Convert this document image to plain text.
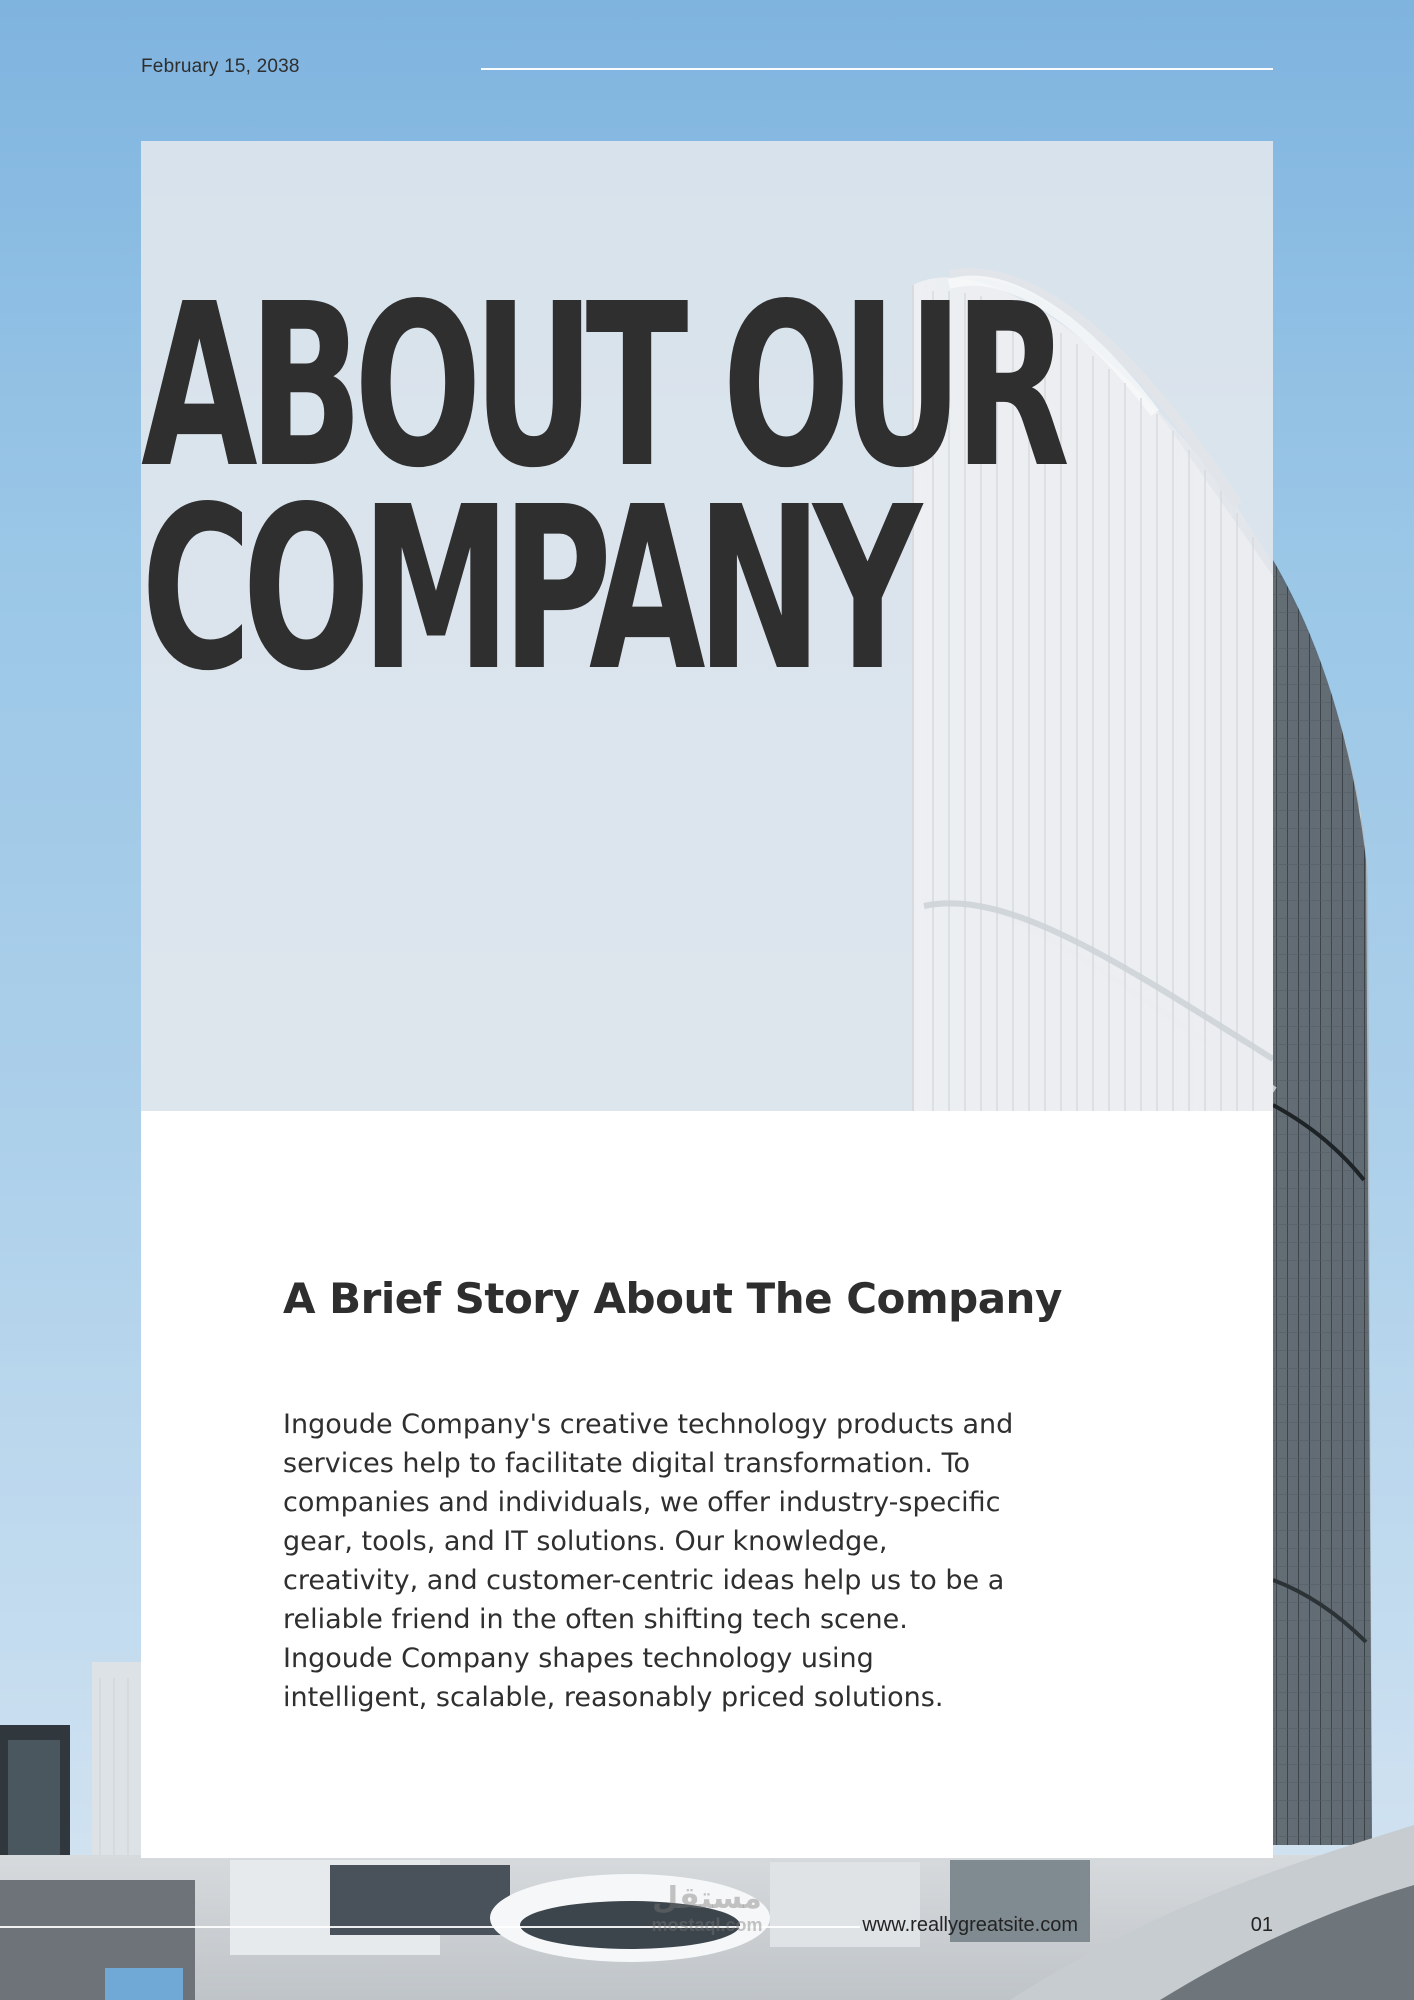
February 15, 2038
ABOUT OUR
COMPANY
A Brief Story About The Company

Ingoude Company's creative technology products and services help to facilitate digital transformation. To companies and individuals, we offer industry-specific gear, tools, and IT solutions. Our knowledge, creativity, and customer-centric ideas help us to be a reliable friend in the often shifting tech scene. Ingoude Company shapes technology using intelligent, scalable, reasonably priced solutions.

مستقل
mostaql.com	www.reallygreatsite.com	01
